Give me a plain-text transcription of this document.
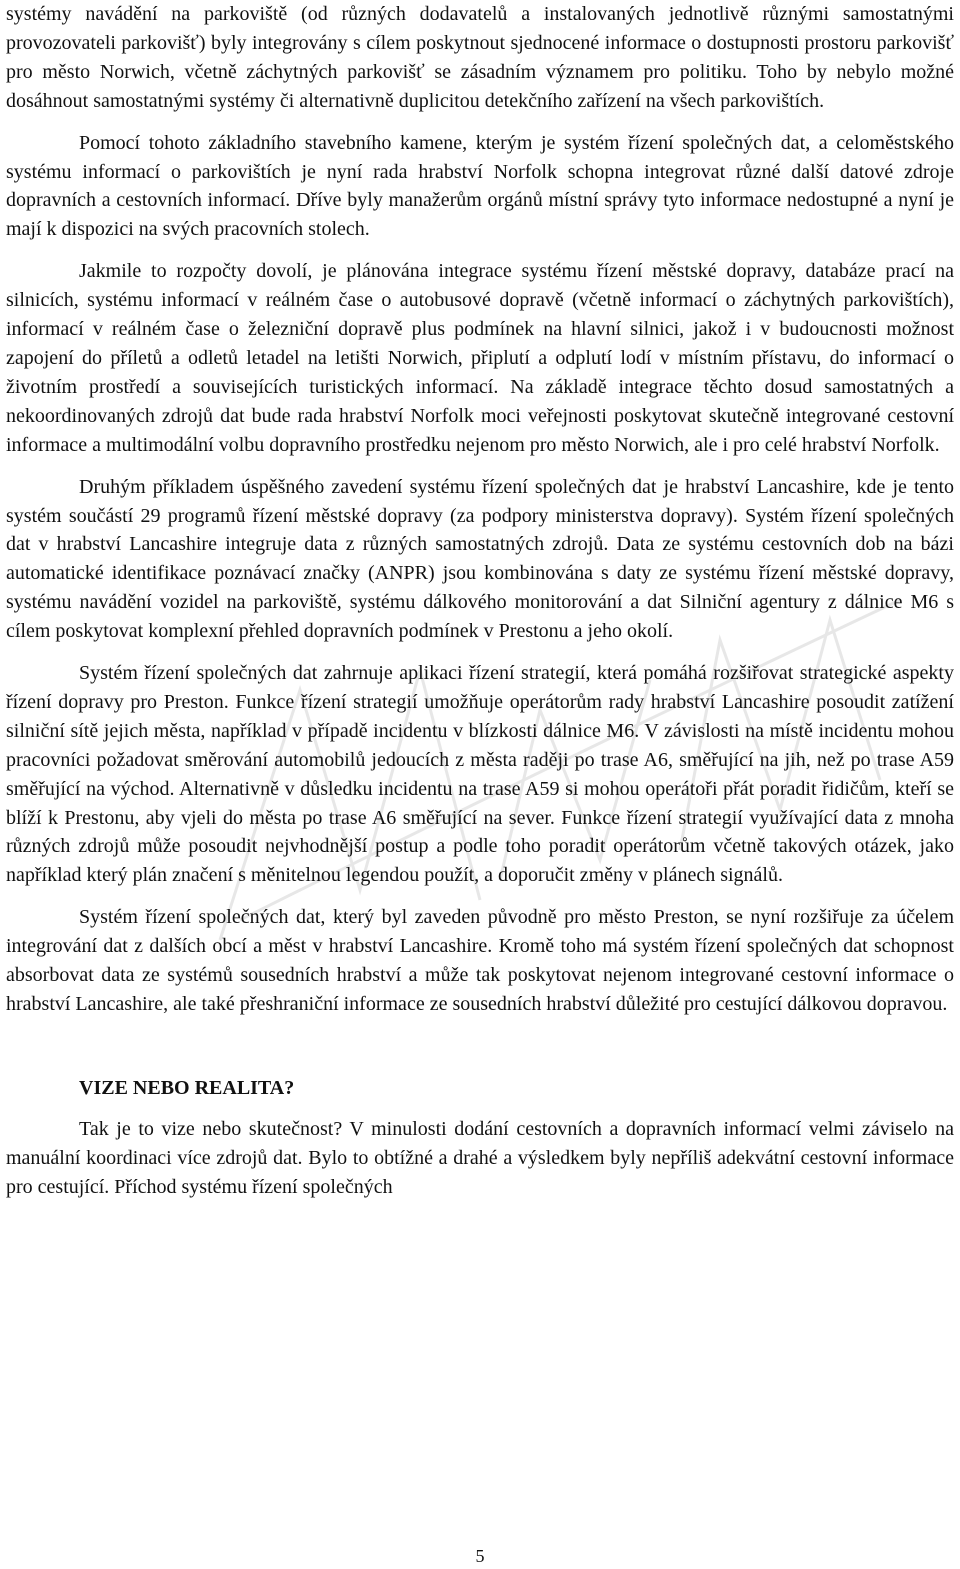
systémy navádění na parkoviště (od různých dodavatelů a instalovaných jednotlivě různými samostatnými provozovateli parkovišť) byly integrovány s cílem poskytnout sjednocené informace o dostupnosti prostoru parkovišť pro město Norwich, včetně záchytných parkovišť se zásadním významem pro politiku. Toho by nebylo možné dosáhnout samostatnými systémy či alternativně duplicitou detekčního zařízení na všech parkovištích.

Pomocí tohoto základního stavebního kamene, kterým je systém řízení společných dat, a celoměstského systému informací o parkovištích je nyní rada hrabství Norfolk schopna integrovat různé další datové zdroje dopravních a cestovních informací. Dříve byly manažerům orgánů místní správy tyto informace nedostupné a nyní je mají k dispozici na svých pracovních stolech.

Jakmile to rozpočty dovolí, je plánována integrace systému řízení městské dopravy, databáze prací na silnicích, systému informací v reálném čase o autobusové dopravě (včetně informací o záchytných parkovištích), informací v reálném čase o železniční dopravě plus podmínek na hlavní silnici, jakož i v budoucnosti možnost zapojení do příletů a odletů letadel na letišti Norwich, připlutí a odplutí lodí v místním přístavu, do informací o životním prostředí a souvisejících turistických informací. Na základě integrace těchto dosud samostatných a nekoordinovaných zdrojů dat bude rada hrabství Norfolk moci veřejnosti poskytovat skutečně integrované cestovní informace a multimodální volbu dopravního prostředku nejenom pro město Norwich, ale i pro celé hrabství Norfolk.

Druhým příkladem úspěšného zavedení systému řízení společných dat je hrabství Lancashire, kde je tento systém součástí 29 programů řízení městské dopravy (za podpory ministerstva dopravy). Systém řízení společných dat v hrabství Lancashire integruje data z různých samostatných zdrojů. Data ze systému cestovních dob na bázi automatické identifikace poznávací značky (ANPR) jsou kombinována s daty ze systému řízení městské dopravy, systému navádění vozidel na parkoviště, systému dálkového monitorování a dat Silniční agentury z dálnice M6 s cílem poskytovat komplexní přehled dopravních podmínek v Prestonu a jeho okolí.

Systém řízení společných dat zahrnuje aplikaci řízení strategií, která pomáhá rozšiřovat strategické aspekty řízení dopravy pro Preston. Funkce řízení strategií umožňuje operátorům rady hrabství Lancashire posoudit zatížení silniční sítě jejich města, například v případě incidentu v blízkosti dálnice M6. V závislosti na místě incidentu mohou pracovníci požadovat směrování automobilů jedoucích z města raději po trase A6, směřující na jih, než po trase A59 směřující na východ. Alternativně v důsledku incidentu na trase A59 si mohou operátoři přát poradit řidičům, kteří se blíží k Prestonu, aby vjeli do města po trase A6 směřující na sever. Funkce řízení strategií využívající data z mnoha různých zdrojů může posoudit nejvhodnější postup a podle toho poradit operátorům včetně takových otázek, jako například který plán značení s měnitelnou legendou použít, a doporučit změny v plánech signálů.

Systém řízení společných dat, který byl zaveden původně pro město Preston, se nyní rozšiřuje za účelem integrování dat z dalších obcí a měst v hrabství Lancashire. Kromě toho má systém řízení společných dat schopnost absorbovat data ze systémů sousedních hrabství a může tak poskytovat nejenom integrované cestovní informace o hrabství Lancashire, ale také přeshraniční informace ze sousedních hrabství důležité pro cestující dálkovou dopravou.

VIZE NEBO REALITA?

Tak je to vize nebo skutečnost? V minulosti dodání cestovních a dopravních informací velmi záviselo na manuální koordinaci více zdrojů dat. Bylo to obtížné a drahé a výsledkem byly nepříliš adekvátní cestovní informace pro cestující. Příchod systému řízení společných

5
